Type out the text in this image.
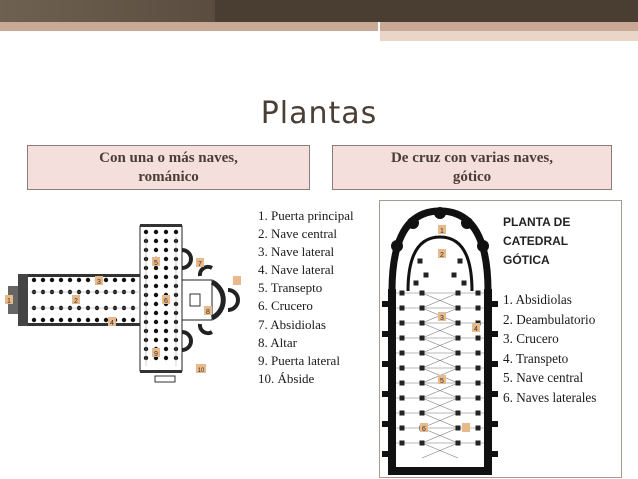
Plantas
Con una o más naves,
románico
De cruz con varias naves,
gótico
1	2
3
4
5
6
7
8
9
10
1. Puerta principal
2. Nave central
3. Nave lateral
4. Nave lateral
5. Transepto
6. Crucero
7. Absidiolas
8. Altar
9. Puerta lateral
10. Ábside
1
2
3
4
5
6
PLANTA DE
CATEDRAL
GÓTICA
1. Absidiolas
2. Deambulatorio
3. Crucero
4. Transpeto
5. Nave central
6. Naves laterales
